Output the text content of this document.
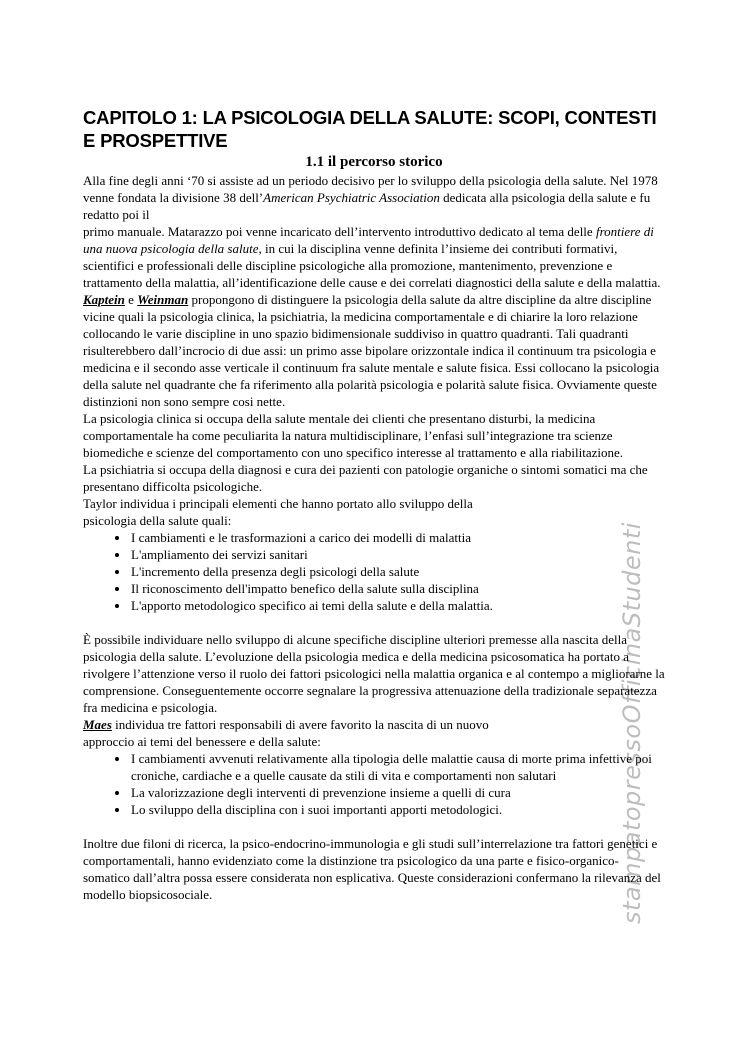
stampatopressoOfficinaStudenti
CAPITOLO 1: LA PSICOLOGIA DELLA SALUTE: SCOPI, CONTESTI E PROSPETTIVE
1.1 il percorso storico

Alla fine degli anni ‘70 si assiste ad un periodo decisivo per lo sviluppo della psicologia della salute. Nel 1978 venne fondata la divisione 38 dell’American Psychiatric Association dedicata alla psicologia della salute e fu redatto poi il
primo manuale. Matarazzo poi venne incaricato dell’intervento introduttivo dedicato al tema delle frontiere di una nuova psicologia della salute, in cui la disciplina venne definita l’insieme dei contributi formativi, scientifici e professionali delle discipline psicologiche alla promozione, mantenimento, prevenzione e trattamento della malattia, all’identificazione delle cause e dei correlati diagnostici della salute e della malattia.

Kaptein e Weinman propongono di distinguere la psicologia della salute da altre discipline da altre discipline vicine quali la psicologia clinica, la psichiatria, la medicina comportamentale e di chiarire la loro relazione collocando le varie discipline in uno spazio bidimensionale suddiviso in quattro quadranti. Tali quadranti risulterebbero dall’incrocio di due assi: un primo asse bipolare orizzontale indica il continuum tra psicologia e medicina e il secondo asse verticale il continuum fra salute mentale e salute fisica. Essi collocano la psicologia della salute nel quadrante che fa riferimento alla polarità psicologia e polarità salute fisica. Ovviamente queste distinzioni non sono sempre cosi nette.

La psicologia clinica si occupa della salute mentale dei clienti che presentano disturbi, la medicina comportamentale ha come peculiarita la natura multidisciplinare, l’enfasi sull’integrazione tra scienze biomediche e scienze del comportamento con uno specifico interesse al trattamento e alla riabilitazione.

La psichiatria si occupa della diagnosi e cura dei pazienti con patologie organiche o sintomi somatici ma che presentano difficolta psicologiche.

Taylor individua i principali elementi che hanno portato allo sviluppo della
psicologia della salute quali:

• I cambiamenti e le trasformazioni a carico dei modelli di malattia
• L'ampliamento dei servizi sanitari
• L'incremento della presenza degli psicologi della salute
• Il riconoscimento dell'impatto benefico della salute sulla disciplina
• L'apporto metodologico specifico ai temi della salute e della malattia.

È possibile individuare nello sviluppo di alcune specifiche discipline ulteriori premesse alla nascita della psicologia della salute. L’evoluzione della psicologia medica e della medicina psicosomatica ha portato a rivolgere l’attenzione verso il ruolo dei fattori psicologici nella malattia organica e al contempo a migliorarne la comprensione. Conseguentemente occorre segnalare la progressiva attenuazione della tradizionale separatezza fra medicina e psicologia.

Maes individua tre fattori responsabili di avere favorito la nascita di un nuovo
approccio ai temi del benessere e della salute:

• I cambiamenti avvenuti relativamente alla tipologia delle malattie causa di morte prima infettive poi croniche, cardiache e a quelle causate da stili di vita e comportamenti non salutari
• La valorizzazione degli interventi di prevenzione insieme a quelli di cura
• Lo sviluppo della disciplina con i suoi importanti apporti metodologici.

Inoltre due filoni di ricerca, la psico-endocrino-immunologia e gli studi sull’interrelazione tra fattori genetici e comportamentali, hanno evidenziato come la distinzione tra psicologico da una parte e fisico-organico-somatico dall’altra possa essere considerata non esplicativa. Queste considerazioni confermano la rilevanza del modello biopsicosociale.
